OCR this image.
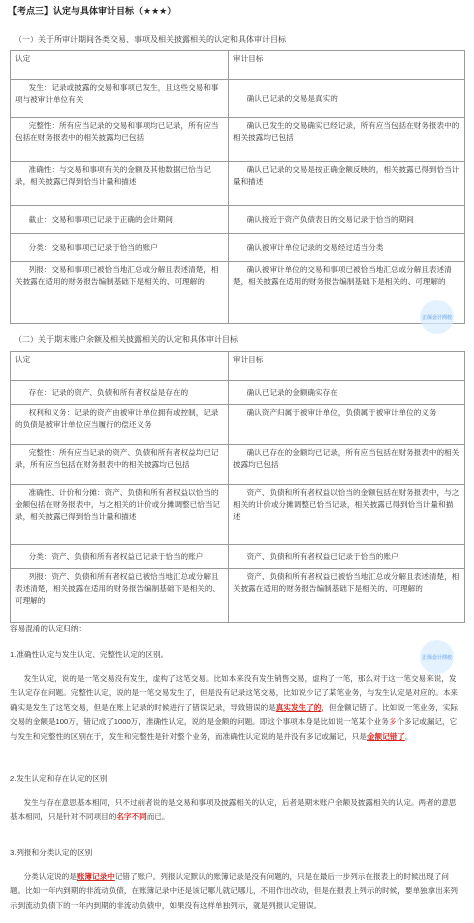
【考点三】认定与具体审计目标（★★★）
（一）关于所审计期间各类交易、事项及相关披露相关的认定和具体审计目标
认定	审计目标
发生：记录或披露的交易和事项已发生，且这些交易和事项与被审计单位有关	确认已记录的交易是真实的
完整性：所有应当记录的交易和事项均已记录，所有应当包括在财务报表中的相关披露均已包括	确认已发生的交易确实已经记录，所有应当包括在财务报表中的相关披露均已包括
准确性：与交易和事项有关的金额及其他数据已恰当记录，相关披露已得到恰当计量和描述	确认已记录的交易是按正确金额反映的，相关披露已得到恰当计量和描述
截止：交易和事项已记录于正确的会计期间	确认接近于资产负债表日的交易记录于恰当的期间
分类：交易和事项已记录于恰当的账户	确认被审计单位记录的交易经过适当分类
列报：交易和事项已被恰当地汇总或分解且表述清楚，相关披露在适用的财务报告编制基础下是相关的、可理解的	确认被审计单位的交易和事项已被恰当地汇总或分解且表述清楚，相关披露在适用的财务报告编制基础下是相关的、可理解的
（二）关于期末账户余额及相关披露相关的认定和具体审计目标
认定	审计目标
存在：记录的资产、负债和所有者权益是存在的	确认已记录的金额确实存在
权利和义务：记录的资产由被审计单位拥有或控制，记录的负债是被审计单位应当履行的偿还义务	确认资产归属于被审计单位，负债属于被审计单位的义务
完整性：所有应当记录的资产、负债和所有者权益均已记录，所有应当包括在财务报表中的相关披露均已包括	确认已存在的金额均已记录，所有应当包括在财务报表中的相关披露均已包括
准确性、计价和分摊：资产、负债和所有者权益以恰当的金额包括在财务报表中，与之相关的计价或分摊调整已恰当记录，相关披露已得到恰当计量和描述	资产、负债和所有者权益以恰当的金额包括在财务报表中，与之相关的计价或分摊调整已恰当记录，相关披露已得到恰当计量和描述
分类：资产、负债和所有者权益已记录于恰当的账户	资产、负债和所有者权益已记录于恰当的账户
列报：资产、负债和所有者权益已被恰当地汇总或分解且表述清楚，相关披露在适用的财务报告编制基础下是相关的、可理解的	资产、负债和所有者权益已被恰当地汇总或分解且表述清楚，相关披露在适用的财务报告编制基础下是相关的、可理解的
容易混淆的认定归纳：
1.准确性认定与发生认定、完整性认定的区别。
发生认定，说的是一笔交易没有发生，虚构了这笔交易。比如本来没有发生销售交易，虚构了一笔，那么对于这一笔交易来说，发生认定存在问题。完整性认定，说的是一笔交易发生了，但是没有记录这笔交易，比如说少记了某笔业务，与发生认定是对应的。本来确实是发生了这笔交易，但是在账上记录的时候进行了错误记录，导致错误的是真实发生了的，但金额记错了。比如说一笔业务，实际交易的金额是100万，错记成了1000万，准确性认定，说的是金额的问题。即这个事项本身是比如说一笔某个业务多个多记或漏记，它与发生和完整性的区别在于，发生和完整性是针对整个业务，而准确性认定说的是并没有多记或漏记，只是金额记错了。
2.发生认定和存在认定的区别
发生与存在意思基本相同，只不过前者说的是交易和事项及披露相关的认定，后者是期末账户余额及披露相关的认定。两者的意思基本相同，只是针对不同项目的名字不同而已。
3.列报和分类认定的区别
分类认定说的是账簿记录中记错了账户。列报认定默认的账簿记录是没有问题的，只是在最后一步列示在报表上的时候出现了问题。比如一年内到期的非流动负债，在账簿记录中还是该记哪儿就记哪儿，不用作出改动，但是在报表上列示的时候，要单独拿出来列示到流动负债下的一年内到期的非流动负债中，如果没有这样单独列示，就是列报认定错误。
正保会计网校
正保会计网校
